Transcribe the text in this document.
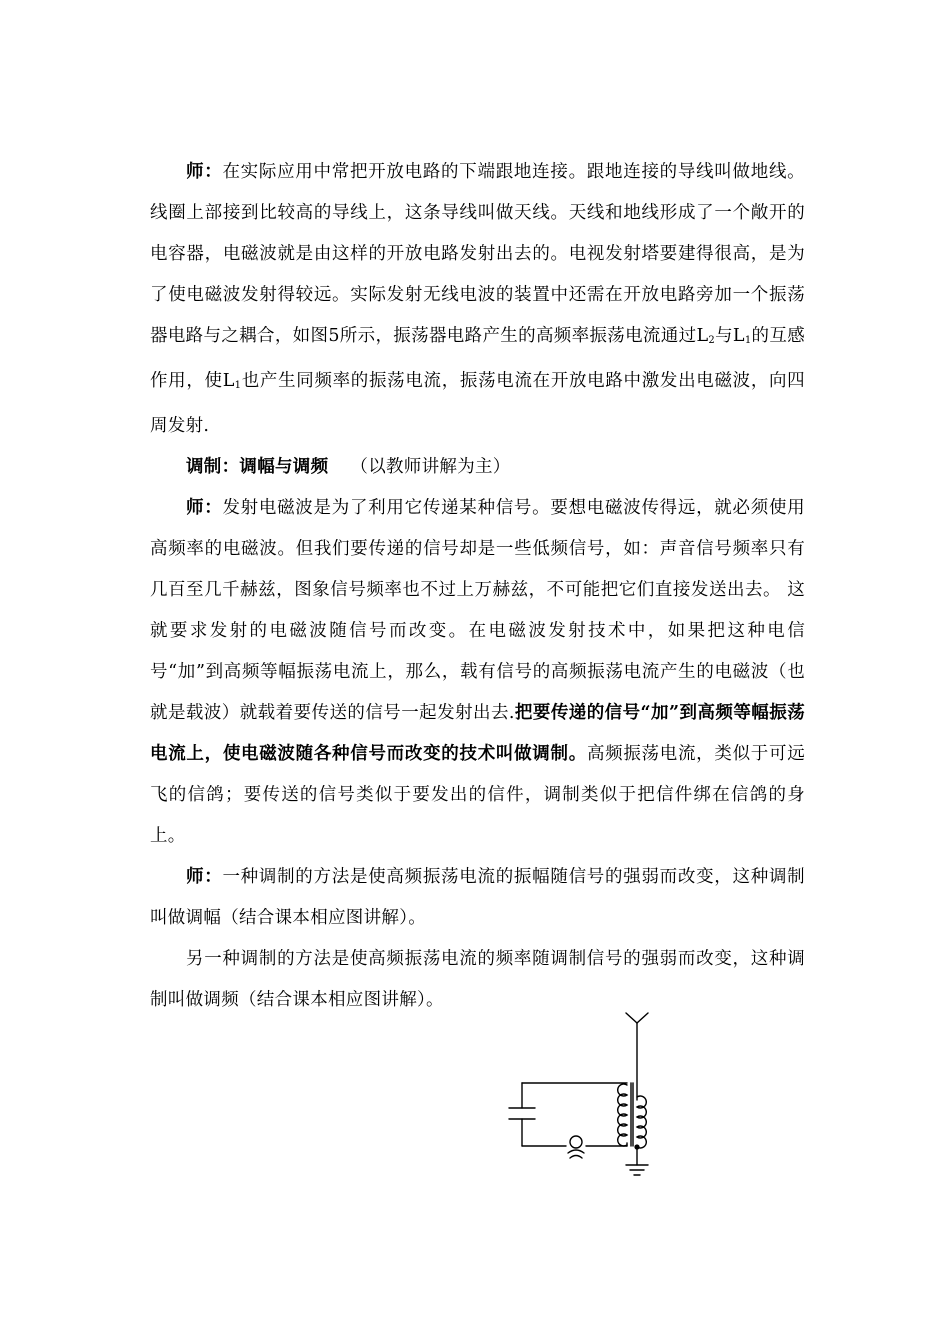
师：在实际应用中常把开放电路的下端跟地连接。跟地连接的导线叫做地线。线圈上部接到比较高的导线上，这条导线叫做天线。天线和地线形成了一个敞开的电容器，电磁波就是由这样的开放电路发射出去的。电视发射塔要建得很高，是为了使电磁波发射得较远。实际发射无线电波的装置中还需在开放电路旁加一个振荡器电路与之耦合，如图5所示，振荡器电路产生的高频率振荡电流通过$L_2$与$L_1$的互感作用，使$L_1$也产生同频率的振荡电流，振荡电流在开放电路中激发出电磁波，向四周发射.

调制：调幅与调频 （以教师讲解为主）

师：发射电磁波是为了利用它传递某种信号。要想电磁波传得远，就必须使用高频率的电磁波。但我们要传递的信号却是一些低频信号，如：声音信号频率只有几百至几千赫兹，图象信号频率也不过上万赫兹，不可能把它们直接发送出去。 这就要求发射的电磁波随信号而改变。在电磁波发射技术中，如果把这种电信号“加”到高频等幅振荡电流上，那么，载有信号的高频振荡电流产生的电磁波（也就是载波）就载着要传送的信号一起发射出去.把要传递的信号“加”到高频等幅振荡电流上，使电磁波随各种信号而改变的技术叫做调制。高频振荡电流，类似于可远飞的信鸽；要传送的信号类似于要发出的信件，调制类似于把信件绑在信鸽的身上。

师：一种调制的方法是使高频振荡电流的振幅随信号的强弱而改变，这种调制叫做调幅（结合课本相应图讲解）。

另一种调制的方法是使高频振荡电流的频率随调制信号的强弱而改变，这种调制叫做调频（结合课本相应图讲解）。
